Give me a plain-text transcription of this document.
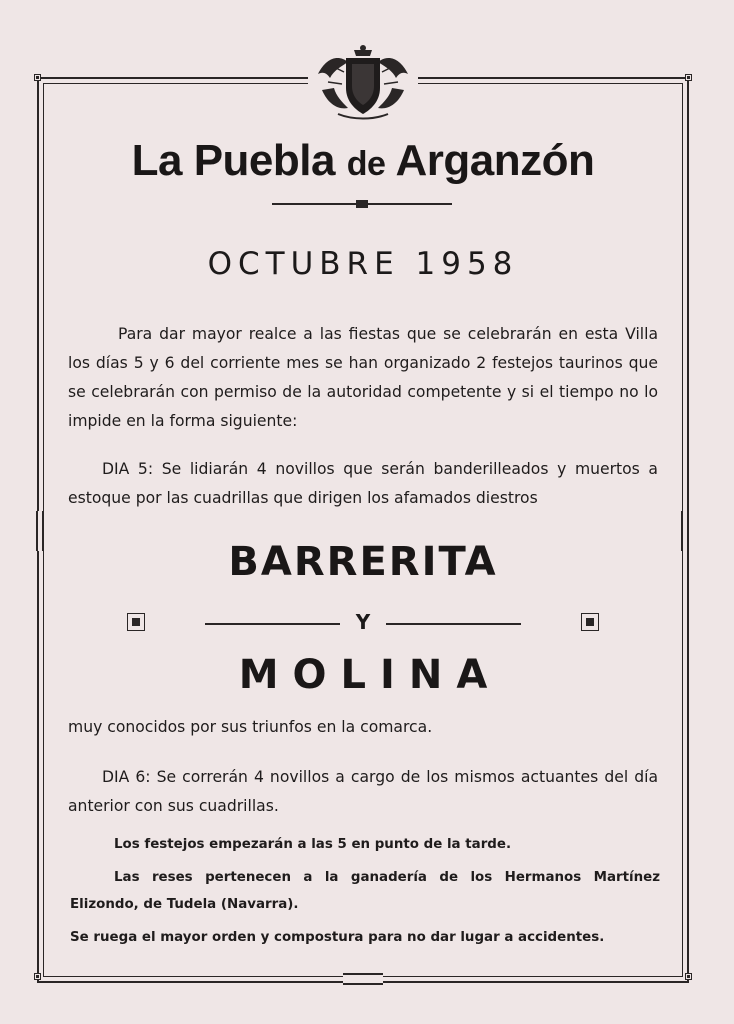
La Puebla de Arganzón
OCTUBRE 1958
Para dar mayor realce a las fiestas que se celebrarán en esta Villa los días 5 y 6 del corriente mes se han organizado 2 festejos taurinos que se celebrarán con permiso de la autoridad competente y si el tiempo no lo impide en la forma siguiente:
DIA 5: Se lidiarán 4 novillos que serán banderilleados y muertos a estoque por las cuadrillas que dirigen los afamados diestros
BARRERITA
Y
MOLINA
muy conocidos por sus triunfos en la comarca.
DIA 6: Se correrán 4 novillos a cargo de los mismos actuantes del día anterior con sus cuadrillas.
Los festejos empezarán a las 5 en punto de la tarde.
Las reses pertenecen a la ganadería de los Hermanos Martínez Elizondo, de Tudela (Navarra).
Se ruega el mayor orden y compostura para no dar lugar a accidentes.
